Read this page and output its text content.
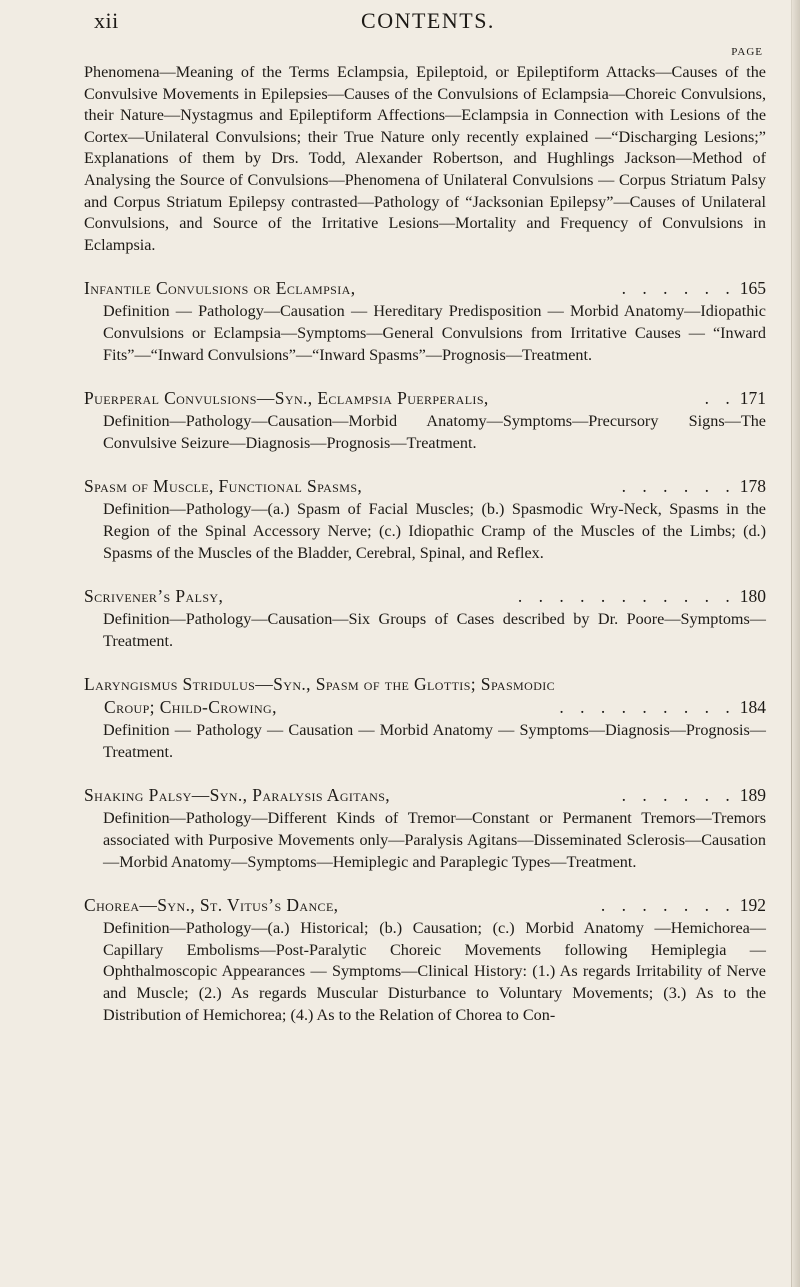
xii	CONTENTS.
PAGE

Phenomena—Meaning of the Terms Eclampsia, Epileptoid, or Epileptiform Attacks—Causes of the Convulsive Movements in Epilepsies—Causes of the Convulsions of Eclampsia—Choreic Convulsions, their Nature—Nystagmus and Epileptiform Affections—Eclampsia in Connection with Lesions of the Cortex—Unilateral Convulsions; their True Nature only recently explained —“Discharging Lesions;” Explanations of them by Drs. Todd, Alexander Robertson, and Hughlings Jackson—Method of Analysing the Source of Convulsions—Phenomena of Unilateral Convulsions — Corpus Striatum Palsy and Corpus Striatum Epilepsy contrasted—Pathology of “Jacksonian Epilepsy”—Causes of Unilateral Convulsions, and Source of the Irritative Lesions—Mortality and Frequency of Convulsions in Eclampsia.

Infantile Convulsions or Eclampsia,	. . . . . . 165

Definition — Pathology—Causation — Hereditary Predisposition — Morbid Anatomy—Idiopathic Convulsions or Eclampsia—Symptoms—General Convulsions from Irritative Causes — “Inward Fits”—“Inward Convulsions”—“Inward Spasms”—Prognosis—Treatment.

Puerperal Convulsions—Syn., Eclampsia Puerperalis,	. . 171

Definition—Pathology—Causation—Morbid Anatomy—Symptoms—Precursory Signs—The Convulsive Seizure—Diagnosis—Prognosis—Treatment.

Spasm of Muscle, Functional Spasms,	. . . . . . 178

Definition—Pathology—(a.) Spasm of Facial Muscles; (b.) Spasmodic Wry-Neck, Spasms in the Region of the Spinal Accessory Nerve; (c.) Idiopathic Cramp of the Muscles of the Limbs; (d.) Spasms of the Muscles of the Bladder, Cerebral, Spinal, and Reflex.

Scrivener’s Palsy,	. . . . . . . . . . . 180

Definition—Pathology—Causation—Six Groups of Cases described by Dr. Poore—Symptoms—Treatment.

Laryngismus Stridulus—Syn., Spasm of the Glottis; Spasmodic
Croup; Child-Crowing,	. . . . . . . . . 184

Definition — Pathology — Causation — Morbid Anatomy — Symptoms—Diagnosis—Prognosis—Treatment.

Shaking Palsy—Syn., Paralysis Agitans,	. . . . . . 189

Definition—Pathology—Different Kinds of Tremor—Constant or Permanent Tremors—Tremors associated with Purposive Movements only—Paralysis Agitans—Disseminated Sclerosis—Causation—Morbid Anatomy—Symptoms—Hemiplegic and Paraplegic Types—Treatment.

Chorea—Syn., St. Vitus’s Dance,	. . . . . . . 192

Definition—Pathology—(a.) Historical; (b.) Causation; (c.) Morbid Anatomy —Hemichorea—Capillary Embolisms—Post-Paralytic Choreic Movements following Hemiplegia — Ophthalmoscopic Appearances — Symptoms—Clinical History: (1.) As regards Irritability of Nerve and Muscle; (2.) As regards Muscular Disturbance to Voluntary Movements; (3.) As to the Distribution of Hemichorea; (4.) As to the Relation of Chorea to Con-
